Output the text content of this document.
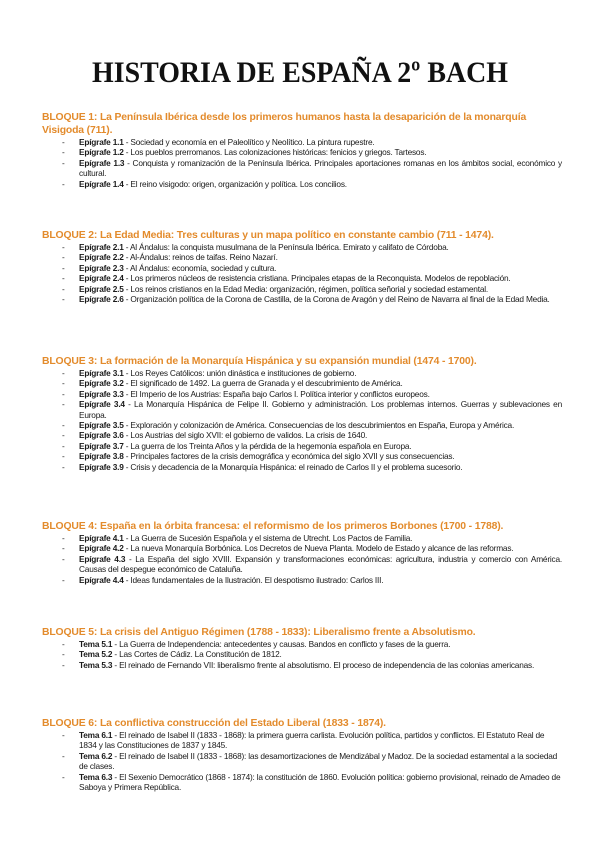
HISTORIA DE ESPAÑA 2º BACH
BLOQUE 1: La Península Ibérica desde los primeros humanos hasta la desaparición de la monarquía Visigoda (711).
- Epígrafe 1.1 - Sociedad y economía en el Paleolítico y Neolítico. La pintura rupestre.
- Epígrafe 1.2 - Los pueblos prerromanos. Las colonizaciones históricas: fenicios y griegos. Tartesos.
- Epígrafe 1.3 - Conquista y romanización de la Península Ibérica. Principales aportaciones romanas en los ámbitos social, económico y cultural.
- Epígrafe 1.4 - El reino visigodo: origen, organización y política. Los concilios.
BLOQUE 2: La Edad Media: Tres culturas y un mapa político en constante cambio (711 - 1474).
- Epígrafe 2.1 - Al Ándalus: la conquista musulmana de la Península Ibérica. Emirato y califato de Córdoba.
- Epígrafe 2.2 - Al-Ándalus: reinos de taifas. Reino Nazarí.
- Epígrafe 2.3 - Al Ándalus: economía, sociedad y cultura.
- Epígrafe 2.4 - Los primeros núcleos de resistencia cristiana. Principales etapas de la Reconquista. Modelos de repoblación.
- Epígrafe 2.5 - Los reinos cristianos en la Edad Media: organización, régimen, política señorial y sociedad estamental.
- Epígrafe 2.6 - Organización política de la Corona de Castilla, de la Corona de Aragón y del Reino de Navarra al final de la Edad Media.
BLOQUE 3: La formación de la Monarquía Hispánica y su expansión mundial (1474 - 1700).
- Epígrafe 3.1 - Los Reyes Católicos: unión dinástica e instituciones de gobierno.
- Epígrafe 3.2 - El significado de 1492. La guerra de Granada y el descubrimiento de América.
- Epígrafe 3.3 - El Imperio de los Austrias: España bajo Carlos I. Política interior y conflictos europeos.
- Epígrafe 3.4 - La Monarquía Hispánica de Felipe II. Gobierno y administración. Los problemas internos. Guerras y sublevaciones en Europa.
- Epígrafe 3.5 - Exploración y colonización de América. Consecuencias de los descubrimientos en España, Europa y América.
- Epígrafe 3.6 - Los Austrias del siglo XVII: el gobierno de validos. La crisis de 1640.
- Epígrafe 3.7 - La guerra de los Treinta Años y la pérdida de la hegemonía española en Europa.
- Epígrafe 3.8 - Principales factores de la crisis demográfica y económica del siglo XVII y sus consecuencias.
- Epígrafe 3.9 - Crisis y decadencia de la Monarquía Hispánica: el reinado de Carlos II y el problema sucesorio.
BLOQUE 4: España en la órbita francesa: el reformismo de los primeros Borbones (1700 - 1788).
- Epígrafe 4.1 - La Guerra de Sucesión Española y el sistema de Utrecht. Los Pactos de Familia.
- Epígrafe 4.2 - La nueva Monarquía Borbónica. Los Decretos de Nueva Planta. Modelo de Estado y alcance de las reformas.
- Epígrafe 4.3 - La España del siglo XVIII. Expansión y transformaciones económicas: agricultura, industria y comercio con América. Causas del despegue económico de Cataluña.
- Epígrafe 4.4 - Ideas fundamentales de la Ilustración. El despotismo ilustrado: Carlos III.
BLOQUE 5: La crisis del Antiguo Régimen (1788 - 1833): Liberalismo frente a Absolutismo.
- Tema 5.1 - La Guerra de Independencia: antecedentes y causas. Bandos en conflicto y fases de la guerra.
- Tema 5.2 - Las Cortes de Cádiz. La Constitución de 1812.
- Tema 5.3 - El reinado de Fernando VII: liberalismo frente al absolutismo. El proceso de independencia de las colonias americanas.
BLOQUE 6: La conflictiva construcción del Estado Liberal (1833 - 1874).
- Tema 6.1 - El reinado de Isabel II (1833 - 1868): la primera guerra carlista. Evolución política, partidos y conflictos. El Estatuto Real de 1834 y las Constituciones de 1837 y 1845.
- Tema 6.2 - El reinado de Isabel II (1833 - 1868): las desamortizaciones de Mendizábal y Madoz. De la sociedad estamental a la sociedad de clases.
- Tema 6.3 - El Sexenio Democrático (1868 - 1874): la constitución de 1860. Evolución política: gobierno provisional, reinado de Amadeo de Saboya y Primera República.
